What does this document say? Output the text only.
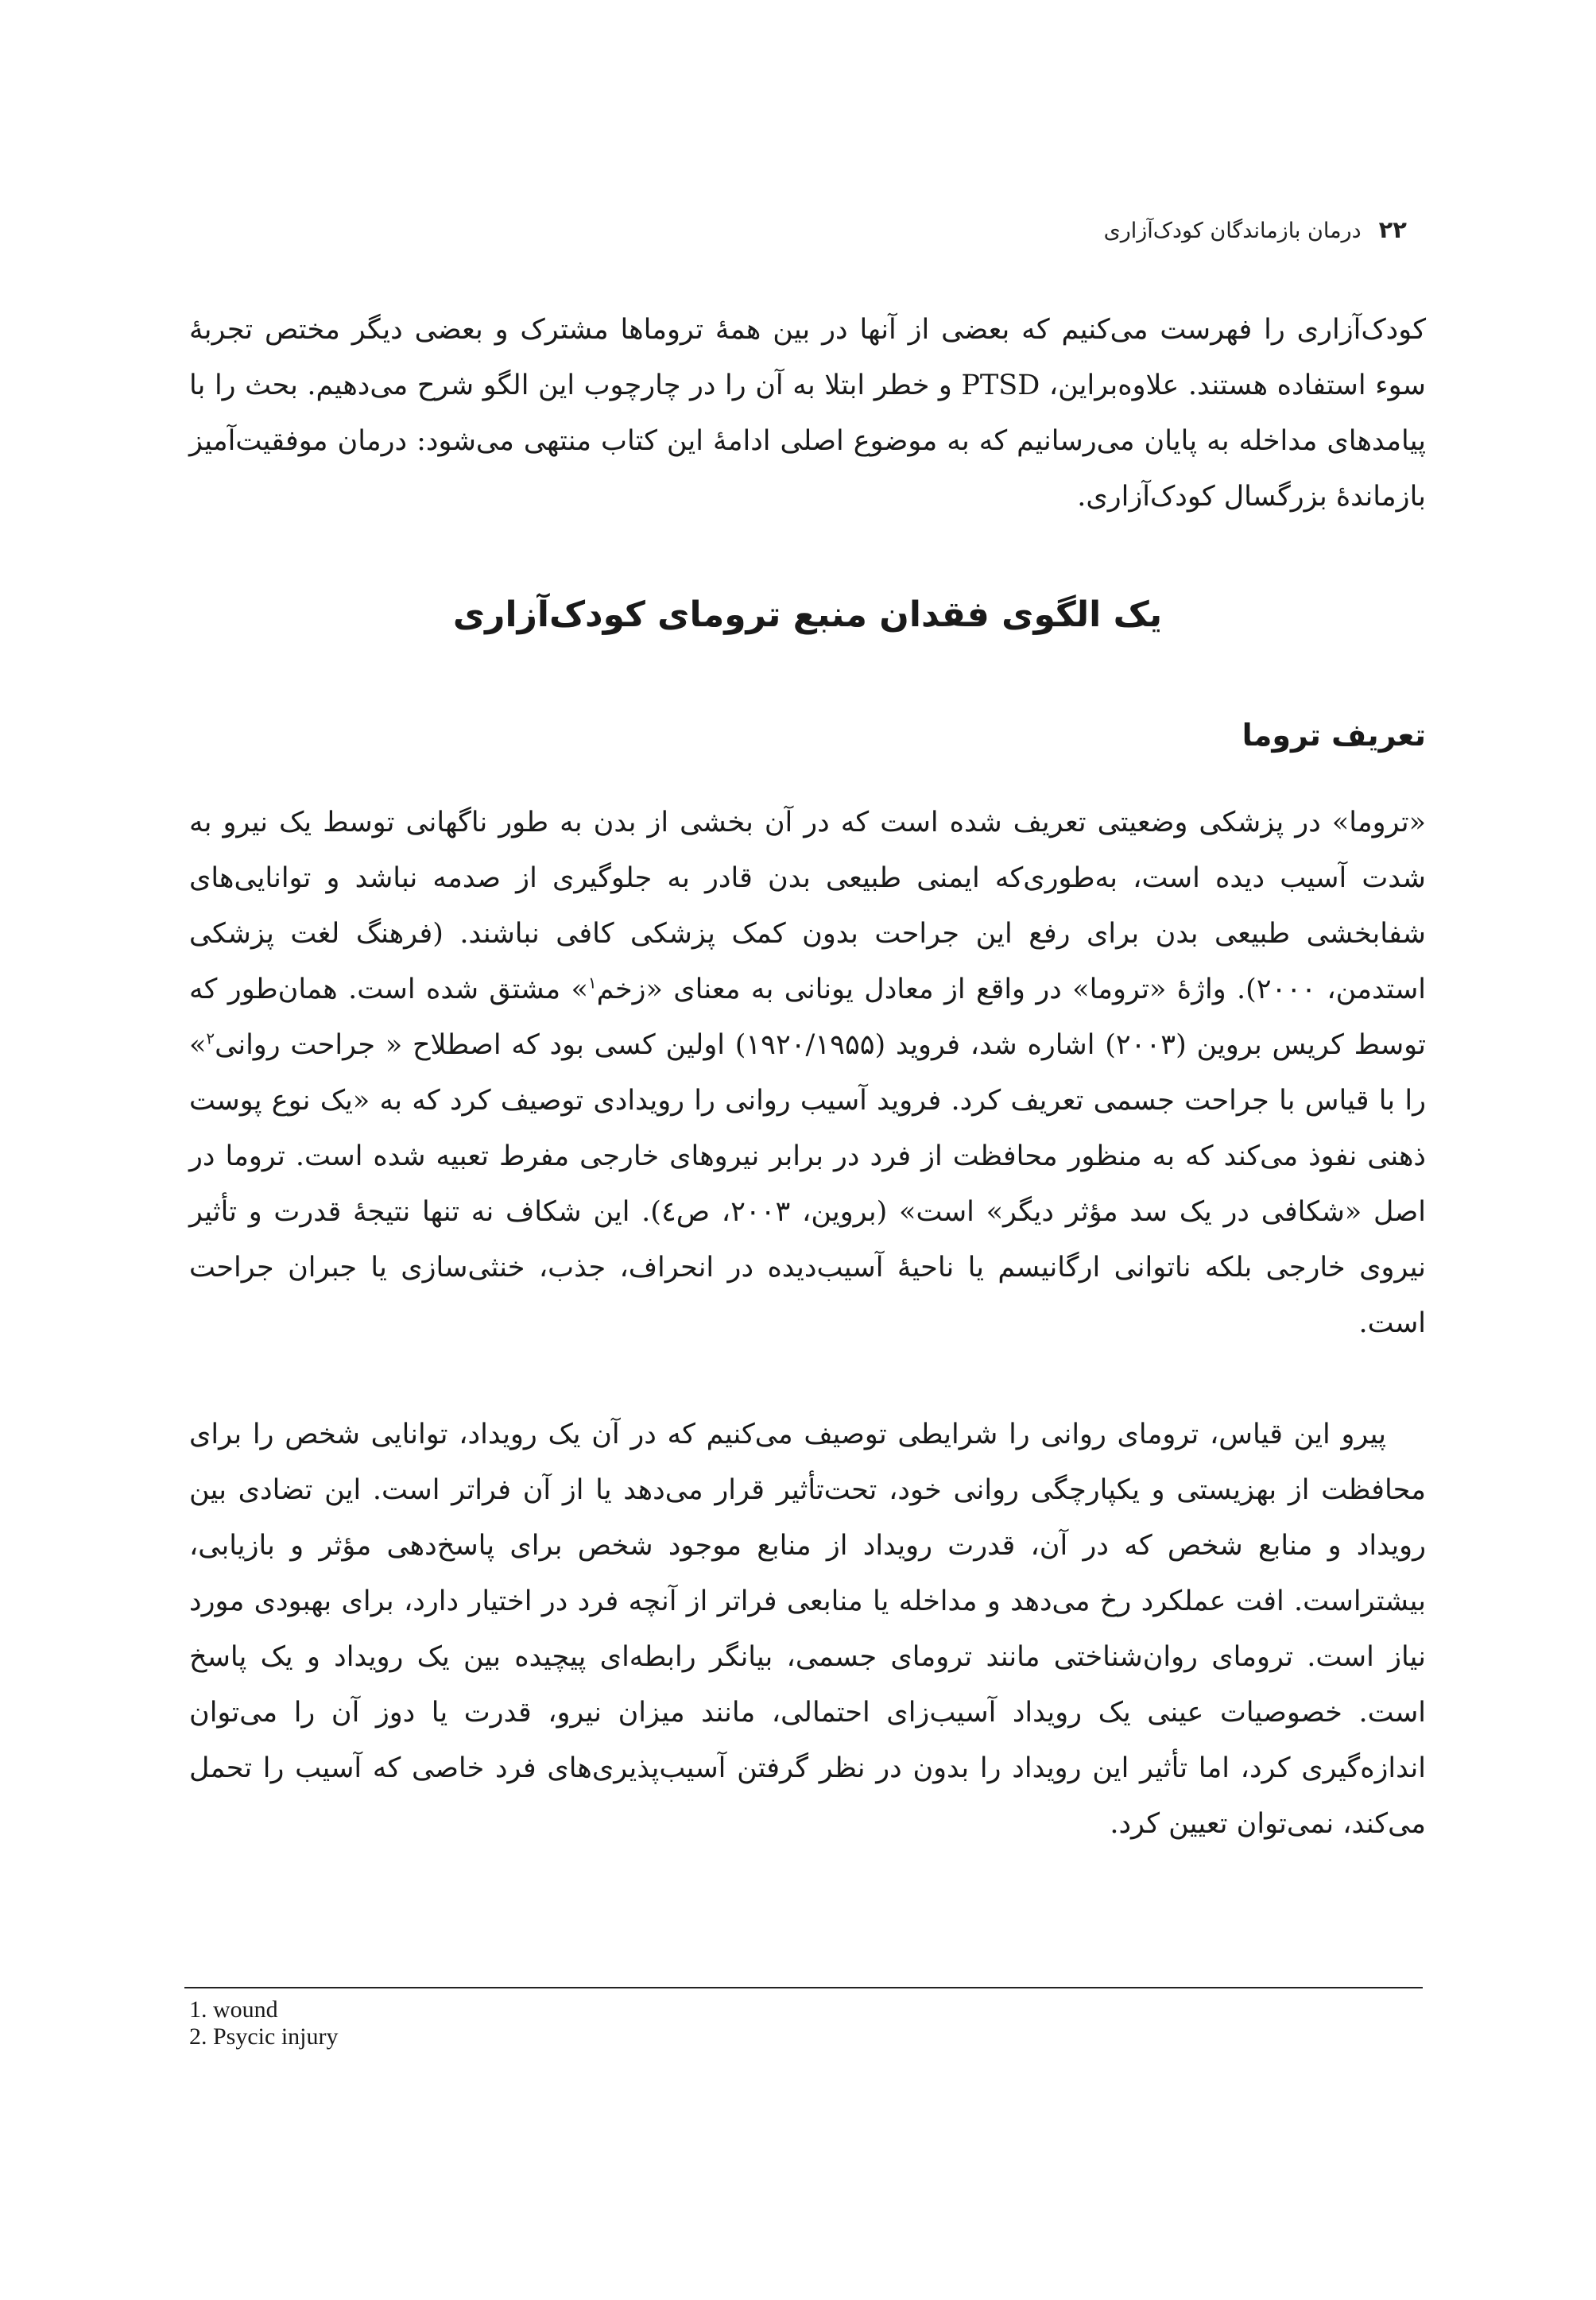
۲۲درمان بازماندگان کودک‌آزاری

کودک‌آزاری را فهرست می‌کنیم که بعضی از آنها در بین همهٔ تروماها مشترک و بعضی دیگر مختص تجربهٔ سوء استفاده هستند. علاوه‌براین، PTSD و خطر ابتلا به آن را در چارچوب این الگو شرح می‌دهیم. بحث را با پیامدهای مداخله به پایان می‌رسانیم که به موضوع اصلی ادامهٔ این کتاب منتهی می‌شود: درمان موفقیت‌آمیز بازماندهٔ بزرگسال کودک‌آزاری.

یک الگوی فقدان منبع ترومای کودک‌آزاری
تعریف تروما

«تروما» در پزشکی وضعیتی تعریف شده است که در آن بخشی از بدن به طور ناگهانی توسط یک نیرو به شدت آسیب دیده است، به‌طوری‌که ایمنی طبیعی بدن قادر به جلوگیری از صدمه نباشد و توانایی‌های شفابخشی طبیعی بدن برای رفع این جراحت بدون کمک پزشکی کافی نباشند. (فرهنگ لغت پزشکی استدمن، ۲۰۰۰). واژهٔ «تروما» در واقع از معادل یونانی به معنای «زخم$^۱$» مشتق شده است. همان‌طور که توسط کریس بروین (۲۰۰۳) اشاره شد، فروید (۱۹۲۰/۱۹۵۵) اولین کسی بود که اصطلاح « جراحت روانی$^۲$» را با قیاس با جراحت جسمی تعریف کرد. فروید آسیب روانی را رویدادی توصیف کرد که به «یک نوع پوست ذهنی نفوذ می‌کند که به منظور محافظت از فرد در برابر نیروهای خارجی مفرط تعبیه شده است. تروما در اصل «شکافی در یک سد مؤثر دیگر» است» (بروین، ۲۰۰۳، ص٤). این شکاف نه تنها نتیجهٔ قدرت و تأثیر نیروی خارجی بلکه ناتوانی ارگانیسم یا ناحیهٔ آسیب‌دیده در انحراف، جذب، خنثی‌سازی یا جبران جراحت است.

پیرو این قیاس، ترومای روانی را شرایطی توصیف می‌کنیم که در آن یک رویداد، توانایی شخص را برای محافظت از بهزیستی و یکپارچگی روانی خود، تحت‌تأثیر قرار می‌دهد یا از آن فراتر است. این تضادی بین رویداد و منابع شخص که در آن، قدرت رویداد از منابع موجود شخص برای پاسخ‌دهی مؤثر و بازیابی، بیشتراست. افت عملکرد رخ می‌دهد و مداخله یا منابعی فراتر از آنچه فرد در اختیار دارد، برای بهبودی مورد نیاز است. ترومای روان‌شناختی مانند ترومای جسمی، بیانگر رابطه‌ای پیچیده بین یک رویداد و یک پاسخ است. خصوصیات عینی یک رویداد آسیب‌زای احتمالی، مانند میزان نیرو، قدرت یا دوز آن را می‌توان اندازه‌گیری کرد، اما تأثیر این رویداد را بدون در نظر گرفتن آسیب‌پذیری‌های فرد خاصی که آسیب را تحمل می‌کند، نمی‌توان تعیین کرد.

1. wound
2. Psycic injury
